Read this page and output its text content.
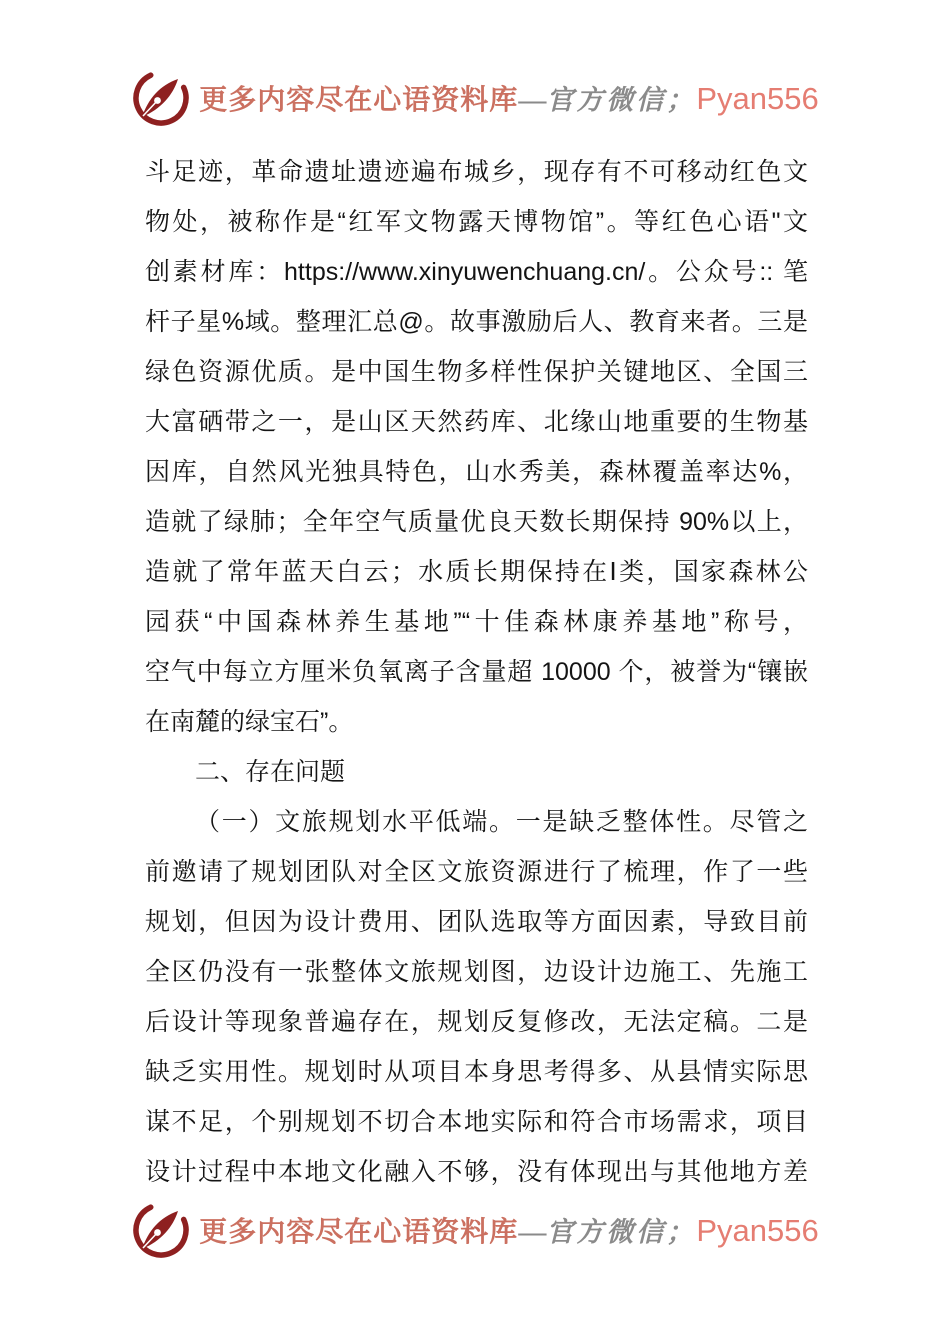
更多内容尽在心语资料库—官方微信；Pyan556
斗足迹，革命遗址遗迹遍布城乡，现存有不可移动红色文
物处，被称作是“红军文物露天博物馆”。等红色心语"文
创素材库：https://www.xinyuwenchuang.cn/。公众号:: 笔
杆子星%域。整理汇总@。故事激励后人、教育来者。三是
绿色资源优质。是中国生物多样性保护关键地区、全国三
大富硒带之一，是山区天然药库、北缘山地重要的生物基
因库，自然风光独具特色，山水秀美，森林覆盖率达%，
造就了绿肺；全年空气质量优良天数长期保持 90%以上，
造就了常年蓝天白云；水质长期保持在Ⅰ类，国家森林公
园获“中国森林养生基地”“十佳森林康养基地”称号，
空气中每立方厘米负氧离子含量超 10000 个，被誉为“镶嵌
在南麓的绿宝石”。
二、存在问题
（一）文旅规划水平低端。一是缺乏整体性。尽管之
前邀请了规划团队对全区文旅资源进行了梳理，作了一些
规划，但因为设计费用、团队选取等方面因素，导致目前
全区仍没有一张整体文旅规划图，边设计边施工、先施工
后设计等现象普遍存在，规划反复修改，无法定稿。二是
缺乏实用性。规划时从项目本身思考得多、从县情实际思
谋不足，个别规划不切合本地实际和符合市场需求，项目
设计过程中本地文化融入不够，没有体现出与其他地方差
更多内容尽在心语资料库—官方微信；Pyan556
